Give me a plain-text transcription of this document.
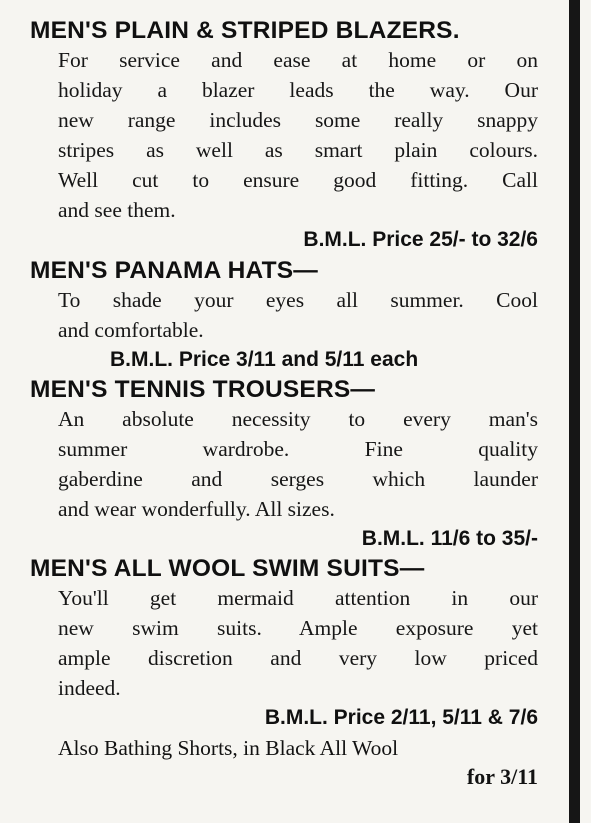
MEN'S PLAIN & STRIPED BLAZERS.

For service and ease at home or on
holiday a blazer leads the way. Our
new range includes some really snappy
stripes as well as smart plain colours.
Well cut to ensure good fitting. Call
and see them.

B.M.L. Price 25/- to 32/6

MEN'S PANAMA HATS—

To shade your eyes all summer. Cool
and comfortable.

B.M.L. Price 3/11 and 5/11 each

MEN'S TENNIS TROUSERS—

An absolute necessity to every man's
summer wardrobe. Fine quality
gaberdine and serges which launder
and wear wonderfully. All sizes.

B.M.L. 11/6 to 35/-

MEN'S ALL WOOL SWIM SUITS—

You'll get mermaid attention in our
new swim suits. Ample exposure yet
ample discretion and very low priced
indeed.

B.M.L. Price 2/11, 5/11 & 7/6

Also Bathing Shorts, in Black All Wool

for 3/11
